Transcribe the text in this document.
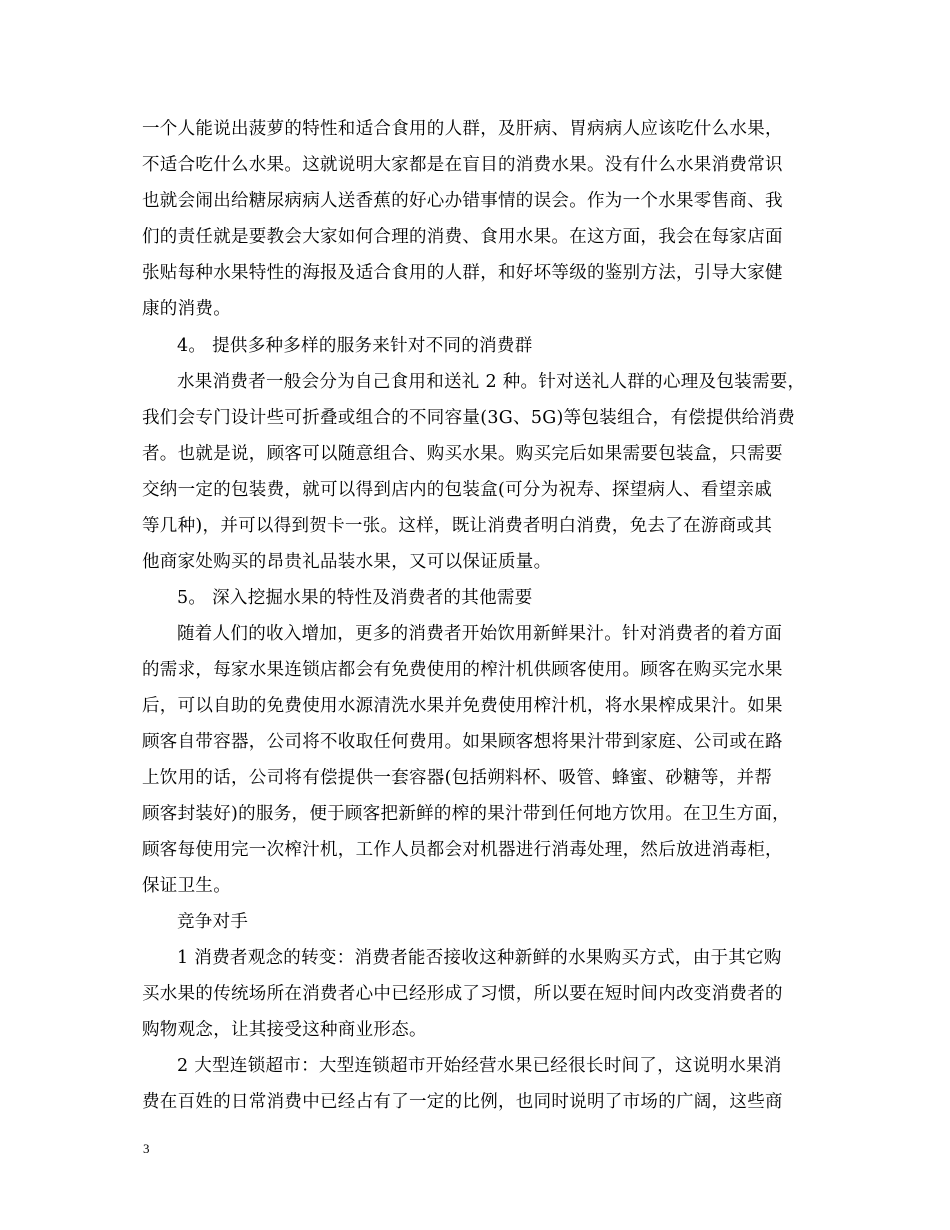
一个人能说出菠萝的特性和适合食用的人群，及肝病、胃病病人应该吃什么水果，
不适合吃什么水果。这就说明大家都是在盲目的消费水果。没有什么水果消费常识
也就会闹出给糖尿病病人送香蕉的好心办错事情的误会。作为一个水果零售商、我
们的责任就是要教会大家如何合理的消费、食用水果。在这方面，我会在每家店面
张贴每种水果特性的海报及适合食用的人群，和好坏等级的鉴别方法，引导大家健
康的消费。
4。 提供多种多样的服务来针对不同的消费群
水果消费者一般会分为自己食用和送礼 2 种。针对送礼人群的心理及包装需要，
我们会专门设计些可折叠或组合的不同容量(3G、5G)等包装组合，有偿提供给消费
者。也就是说，顾客可以随意组合、购买水果。购买完后如果需要包装盒，只需要
交纳一定的包装费，就可以得到店内的包装盒(可分为祝寿、探望病人、看望亲戚
等几种)，并可以得到贺卡一张。这样，既让消费者明白消费，免去了在游商或其
他商家处购买的昂贵礼品装水果，又可以保证质量。
5。 深入挖掘水果的特性及消费者的其他需要
随着人们的收入增加，更多的消费者开始饮用新鲜果汁。针对消费者的着方面
的需求，每家水果连锁店都会有免费使用的榨汁机供顾客使用。顾客在购买完水果
后，可以自助的免费使用水源清洗水果并免费使用榨汁机，将水果榨成果汁。如果
顾客自带容器，公司将不收取任何费用。如果顾客想将果汁带到家庭、公司或在路
上饮用的话，公司将有偿提供一套容器(包括朔料杯、吸管、蜂蜜、砂糖等，并帮
顾客封装好)的服务，便于顾客把新鲜的榨的果汁带到任何地方饮用。在卫生方面，
顾客每使用完一次榨汁机，工作人员都会对机器进行消毒处理，然后放进消毒柜，
保证卫生。
竞争对手
1 消费者观念的转变：消费者能否接收这种新鲜的水果购买方式，由于其它购
买水果的传统场所在消费者心中已经形成了习惯，所以要在短时间内改变消费者的
购物观念，让其接受这种商业形态。
2 大型连锁超市：大型连锁超市开始经营水果已经很长时间了，这说明水果消
费在百姓的日常消费中已经占有了一定的比例，也同时说明了市场的广阔，这些商
3
